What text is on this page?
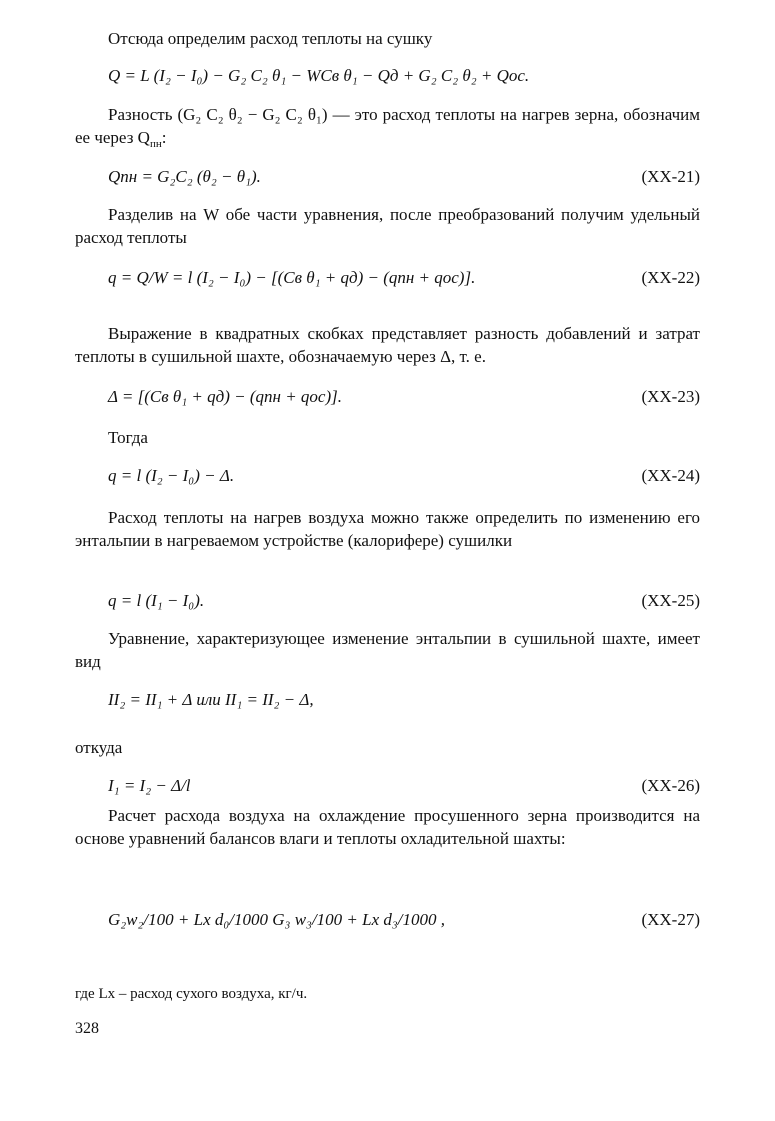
Отсюда определим расход теплоты на сушку

Q = L (I₂ − I₀) − G₂ C₂ θ₁ − WCв θ₁ − Qд + G₂ C₂ θ₂ + Qос.

Разность (G₂ C₂ θ₂ − G₂ C₂ θ₁) — это расход теплоты на нагрев зерна, обозначим ее через $Q_{пн}$:

Qпн = G₂C₂ (θ₂ − θ₁).	(XX-21)

Разделив на W обе части уравнения, после преобразований получим удельный расход теплоты

q = Q/W = l (I₂ − I₀) − [(Cв θ₁ + qд) − (qпн + qос)].	(XX-22)

Выражение в квадратных скобках представляет разность добавлений и затрат теплоты в сушильной шахте, обозначаемую через Δ, т. е.

Δ = [(Cв θ₁ + qд) − (qпн + qос)].	(XX-23)

Тогда

q = l (I₂ − I₀) − Δ.	(XX-24)

Расход теплоты на нагрев воздуха можно также определить по изменению его энтальпии в нагреваемом устройстве (калорифере) сушилки

q = l (I₁ − I₀).	(XX-25)

Уравнение, характеризующее изменение энтальпии в сушильной шахте, имеет вид

II₂ = II₁ + Δ или II₁ = II₂ − Δ,

откуда

I₁ = I₂ − Δ/l	(XX-26)

Расчет расхода воздуха на охлаждение просушенного зерна производится на основе уравнений балансов влаги и теплоты охладительной шахты:

G₂w₂/100 + Lx d₀/1000 G₃ w₃/100 + Lx d₃/1000 ,	(XX-27)
где Lx – расход сухого воздуха, кг/ч.
328
